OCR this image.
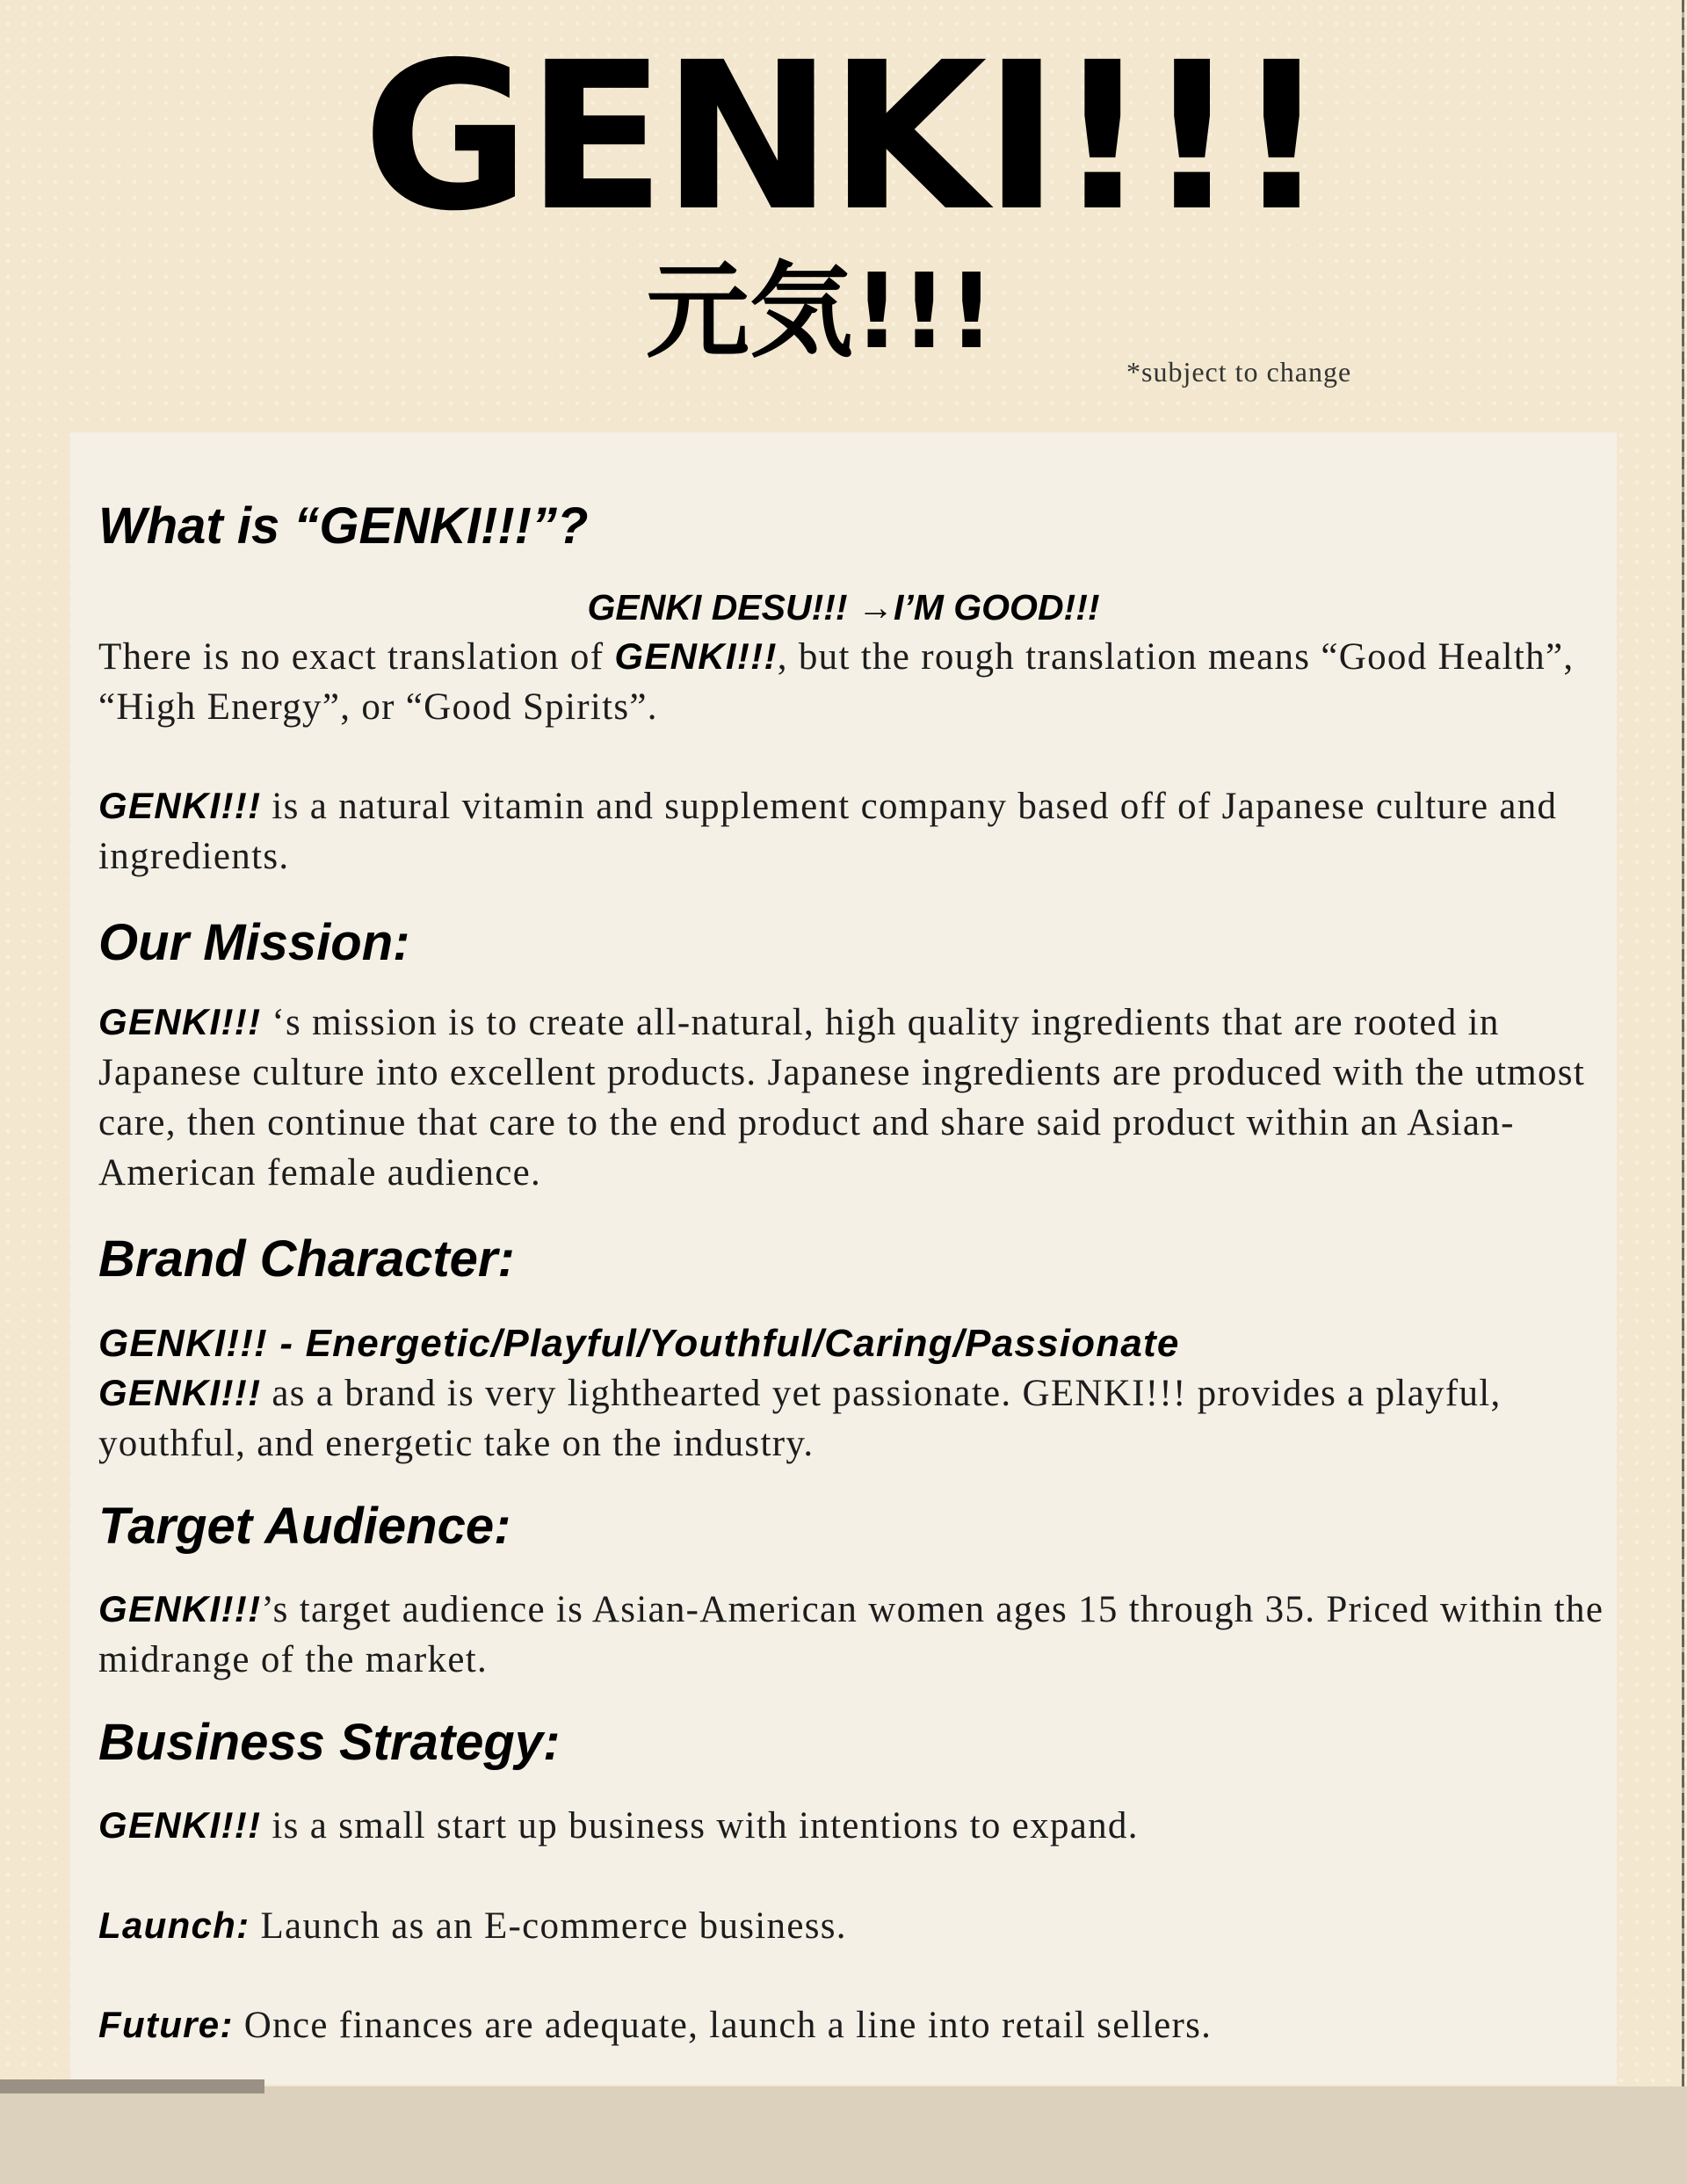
GENKI!!!
元気!!!	*subject to change
What is “GENKI!!!”?
GENKI DESU!!! →I’M GOOD!!!

There is no exact translation of GENKI!!!, but the rough translation means “Good Health”, “High Energy”, or “Good Spirits”.

GENKI!!! is a natural vitamin and supplement company based off of Japanese culture and ingredients.

Our Mission:

GENKI!!! ‘s mission is to create all-natural, high quality ingredients that are rooted in Japanese culture into excellent products. Japanese ingredients are produced with the utmost care, then continue that care to the end product and share said product within an Asian-American female audience.

Brand Character:
GENKI!!! - Energetic/Playful/Youthful/Caring/Passionate

GENKI!!! as a brand is very lighthearted yet passionate. GENKI!!! provides a playful, youthful, and energetic take on the industry.

Target Audience:

GENKI!!!’s target audience is Asian-American women ages 15 through 35. Priced within the midrange of the market.

Business Strategy:

GENKI!!! is a small start up business with intentions to expand.

Launch: Launch as an E-commerce business.

Future: Once finances are adequate, launch a line into retail sellers.
